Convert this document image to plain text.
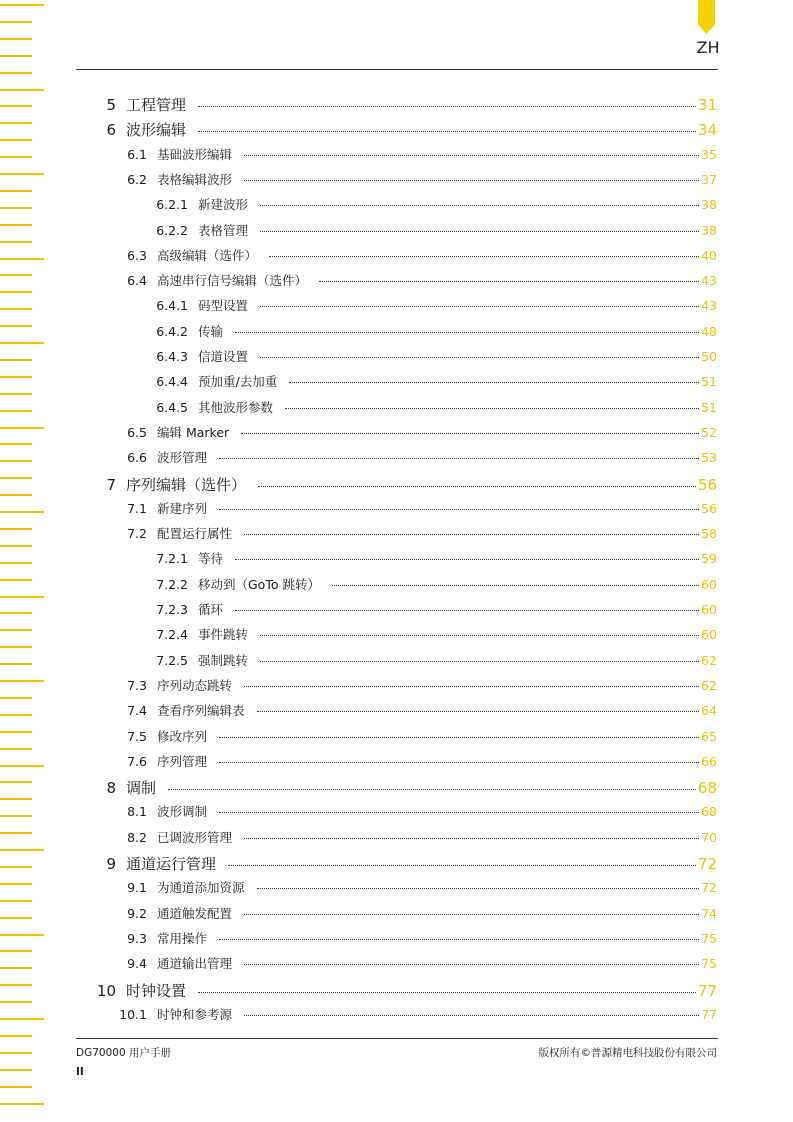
ZH
5 工程管理	31
6 波形编辑	34
6.1 基础波形编辑	35
6.2 表格编辑波形	37
6.2.1 新建波形	38
6.2.2 表格管理	38
6.3 高级编辑（选件）	40
6.4 高速串行信号编辑（选件）	43
6.4.1 码型设置	43
6.4.2 传输	48
6.4.3 信道设置	50
6.4.4 预加重/去加重	51
6.4.5 其他波形参数	51
6.5 编辑 Marker	52
6.6 波形管理	53
7 序列编辑（选件）	56
7.1 新建序列	56
7.2 配置运行属性	58
7.2.1 等待	59
7.2.2 移动到（GoTo 跳转）	60
7.2.3 循环	60
7.2.4 事件跳转	60
7.2.5 强制跳转	62
7.3 序列动态跳转	62
7.4 查看序列编辑表	64
7.5 修改序列	65
7.6 序列管理	66
8 调制	68
8.1 波形调制	68
8.2 已调波形管理	70
9 通道运行管理	72
9.1 为通道添加资源	72
9.2 通道触发配置	74
9.3 常用操作	75
9.4 通道输出管理	75
10 时钟设置	77
10.1 时钟和参考源	77
DG70000 用户手册	版权所有©普源精电科技股份有限公司
II
